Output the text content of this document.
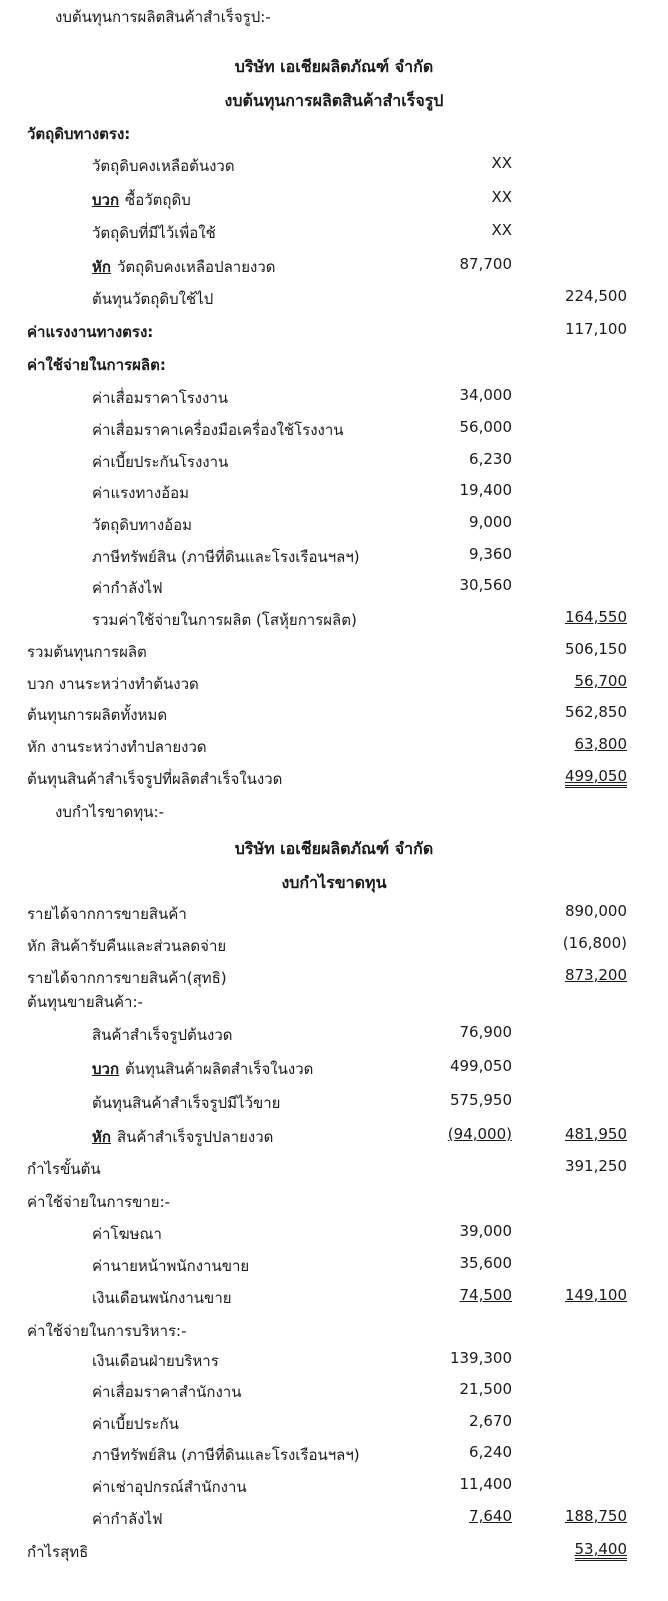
งบต้นทุนการผลิตสินค้าสำเร็จรูป:-
บริษัท เอเชียผลิตภัณฑ์ จำกัด
งบต้นทุนการผลิตสินค้าสำเร็จรูป
วัตถุดิบทางตรง:
วัตถุดิบคงเหลือต้นงวด	XX
บวก ซื้อวัตถุดิบ	XX
วัตถุดิบที่มีไว้เพื่อใช้	XX
หัก วัตถุดิบคงเหลือปลายงวด	87,700
ต้นทุนวัตถุดิบใช้ไป	224,500
ค่าแรงงานทางตรง:	117,100
ค่าใช้จ่ายในการผลิต:
ค่าเสื่อมราคาโรงงาน	34,000
ค่าเสื่อมราคาเครื่องมือเครื่องใช้โรงงาน	56,000
ค่าเบี้ยประกันโรงงาน	6,230
ค่าแรงทางอ้อม	19,400
วัตถุดิบทางอ้อม	9,000
ภาษีทรัพย์สิน (ภาษีที่ดินและโรงเรือนฯลฯ)	9,360
ค่ากำลังไฟ	30,560
รวมค่าใช้จ่ายในการผลิต (โสหุ้ยการผลิต)	164,550
รวมต้นทุนการผลิต	506,150
บวก งานระหว่างทำต้นงวด	56,700
ต้นทุนการผลิตทั้งหมด	562,850
หัก งานระหว่างทำปลายงวด	63,800
ต้นทุนสินค้าสำเร็จรูปที่ผลิตสำเร็จในงวด	499,050
งบกำไรขาดทุน:-
บริษัท เอเชียผลิตภัณฑ์ จำกัด
งบกำไรขาดทุน
รายได้จากการขายสินค้า	890,000
หัก สินค้ารับคืนและส่วนลดจ่าย	(16,800)
รายได้จากการขายสินค้า(สุทธิ)	873,200
ต้นทุนขายสินค้า:-
สินค้าสำเร็จรูปต้นงวด	76,900
บวก ต้นทุนสินค้าผลิตสำเร็จในงวด	499,050
ต้นทุนสินค้าสำเร็จรูปมีไว้ขาย	575,950
หัก สินค้าสำเร็จรูปปลายงวด	(94,000)	481,950
กำไรขั้นต้น	391,250
ค่าใช้จ่ายในการขาย:-
ค่าโฆษณา	39,000
ค่านายหน้าพนักงานขาย	35,600
เงินเดือนพนักงานขาย	74,500	149,100
ค่าใช้จ่ายในการบริหาร:-
เงินเดือนฝ่ายบริหาร	139,300
ค่าเสื่อมราคาสำนักงาน	21,500
ค่าเบี้ยประกัน	2,670
ภาษีทรัพย์สิน (ภาษีที่ดินและโรงเรือนฯลฯ)	6,240
ค่าเช่าอุปกรณ์สำนักงาน	11,400
ค่ากำลังไฟ	7,640	188,750
กำไรสุทธิ	53,400
